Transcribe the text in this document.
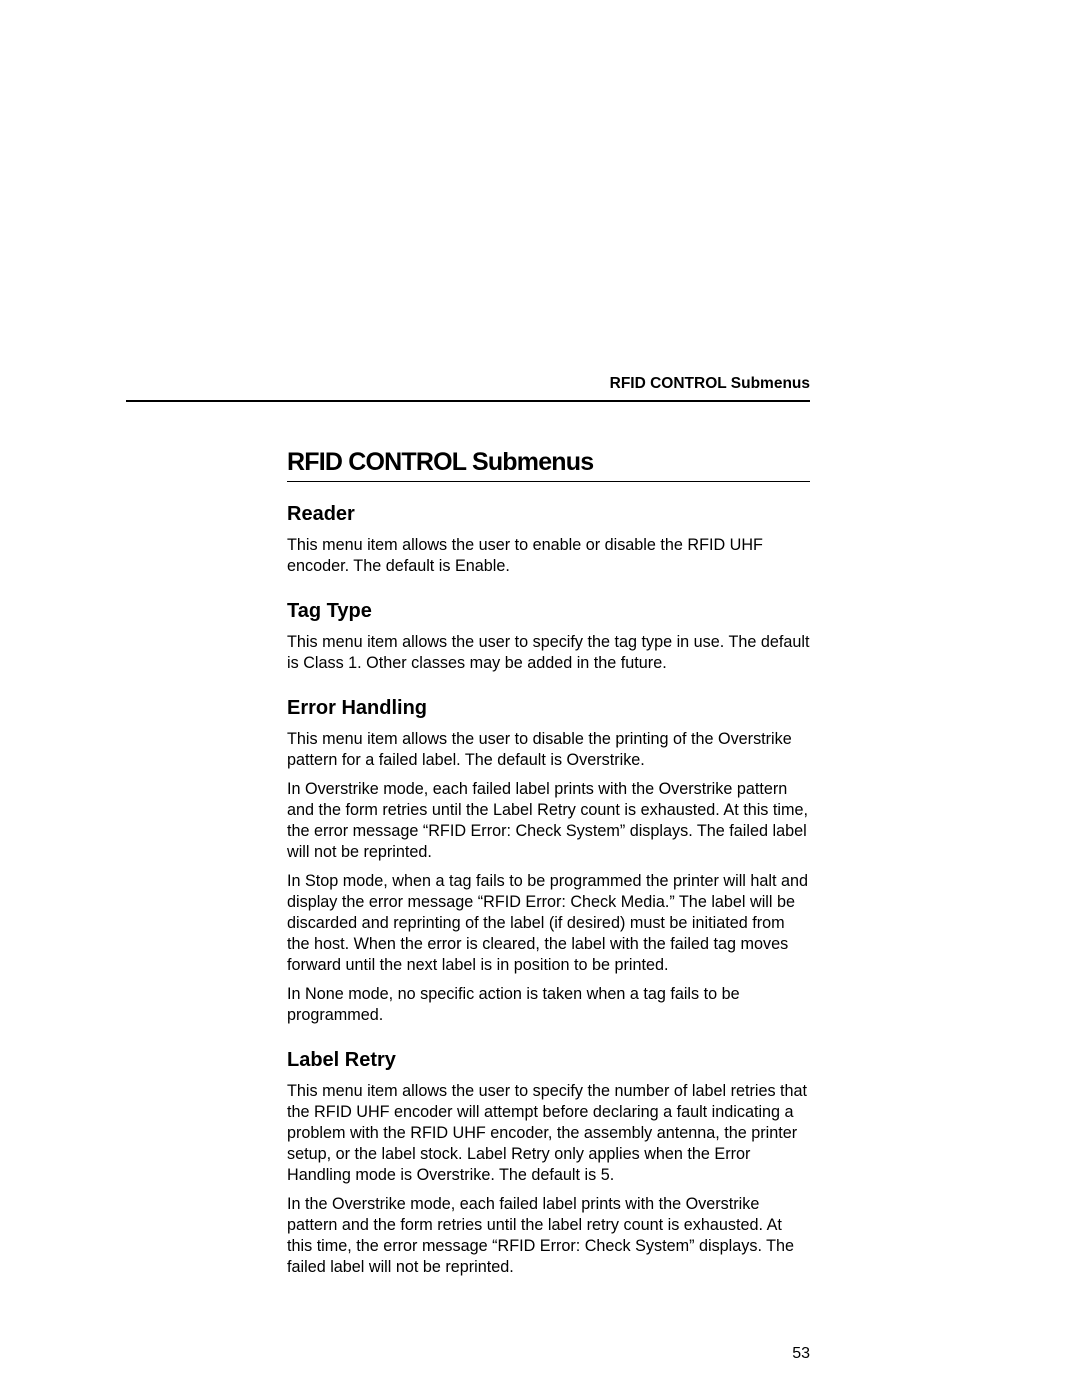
RFID CONTROL Submenus
RFID CONTROL Submenus
Reader

This menu item allows the user to enable or disable the RFID UHF encoder. The default is Enable.

Tag Type

This menu item allows the user to specify the tag type in use. The default is Class 1. Other classes may be added in the future.

Error Handling

This menu item allows the user to disable the printing of the Overstrike pattern for a failed label. The default is Overstrike.

In Overstrike mode, each failed label prints with the Overstrike pattern and the form retries until the Label Retry count is exhausted. At this time, the error message “RFID Error: Check System” displays. The failed label will not be reprinted.

In Stop mode, when a tag fails to be programmed the printer will halt and display the error message “RFID Error: Check Media.” The label will be discarded and reprinting of the label (if desired) must be initiated from the host. When the error is cleared, the label with the failed tag moves forward until the next label is in position to be printed.

In None mode, no specific action is taken when a tag fails to be programmed.

Label Retry

This menu item allows the user to specify the number of label retries that the RFID UHF encoder will attempt before declaring a fault indicating a problem with the RFID UHF encoder, the assembly antenna, the printer setup, or the label stock. Label Retry only applies when the Error Handling mode is Overstrike. The default is 5.

In the Overstrike mode, each failed label prints with the Overstrike pattern and the form retries until the label retry count is exhausted. At this time, the error message “RFID Error: Check System” displays. The failed label will not be reprinted.

53
